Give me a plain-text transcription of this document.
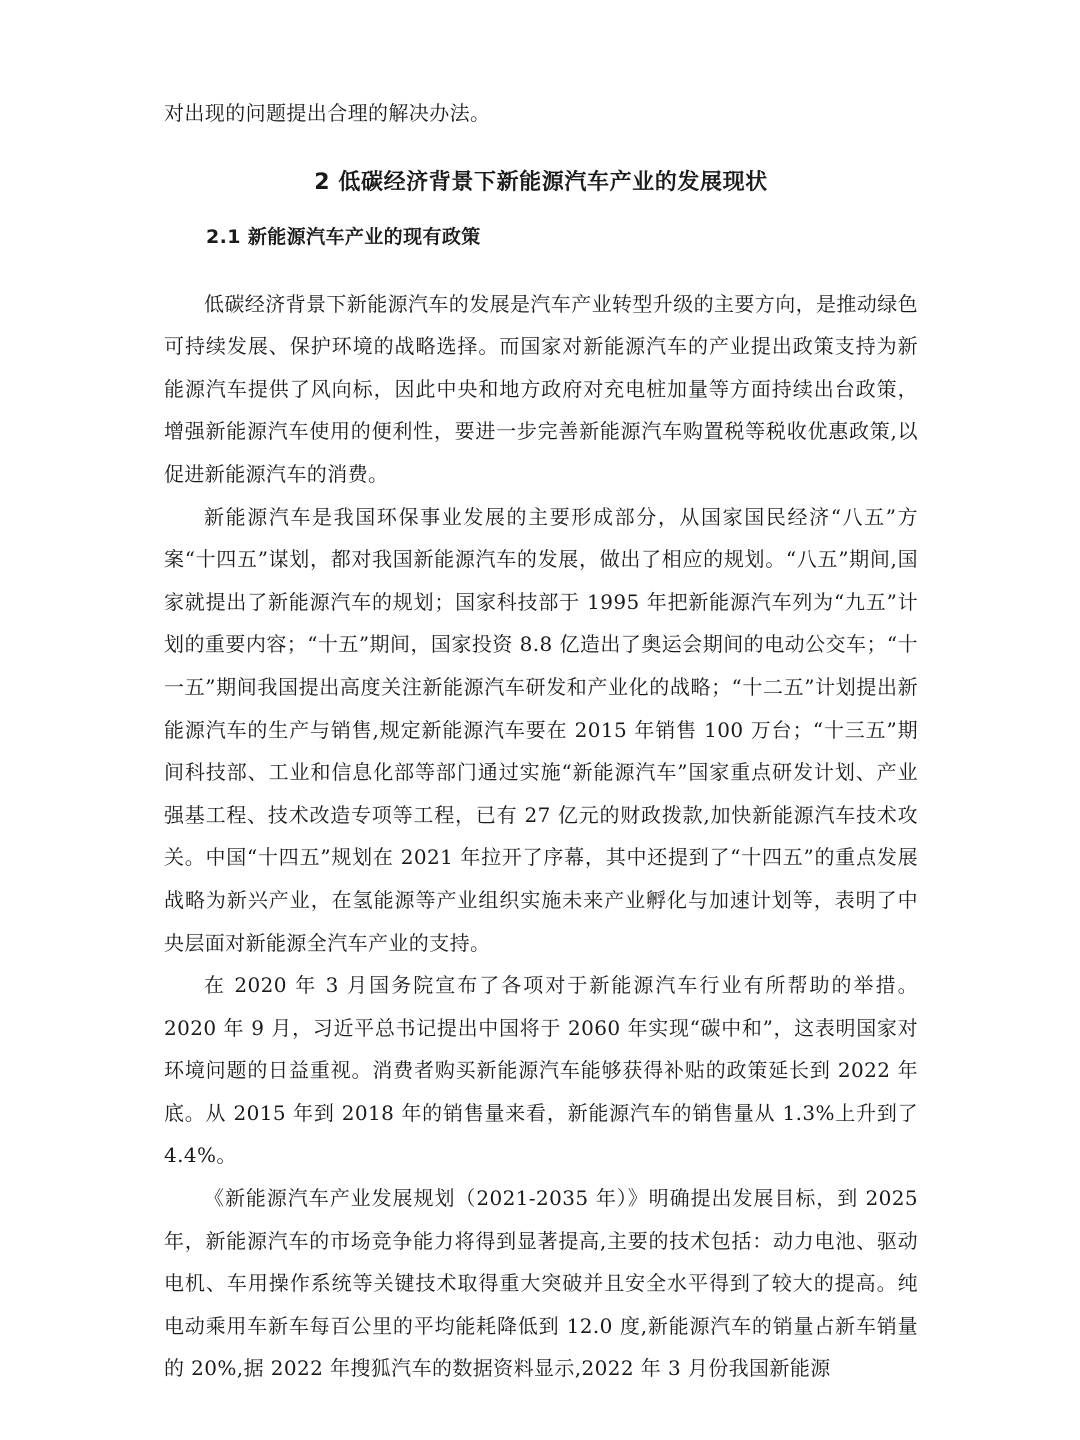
对出现的问题提出合理的解决办法。

2 低碳经济背景下新能源汽车产业的发展现状
2.1 新能源汽车产业的现有政策

低碳经济背景下新能源汽车的发展是汽车产业转型升级的主要方向，是推动绿色可持续发展、保护环境的战略选择。而国家对新能源汽车的产业提出政策支持为新能源汽车提供了风向标，因此中央和地方政府对充电桩加量等方面持续出台政策，增强新能源汽车使用的便利性，要进一步完善新能源汽车购置税等税收优惠政策,以促进新能源汽车的消费。

新能源汽车是我国环保事业发展的主要形成部分，从国家国民经济“八五”方案“十四五”谋划，都对我国新能源汽车的发展，做出了相应的规划。“八五”期间,国家就提出了新能源汽车的规划；国家科技部于 1995 年把新能源汽车列为“九五”计划的重要内容；“十五”期间，国家投资 8.8 亿造出了奥运会期间的电动公交车；“十一五”期间我国提出高度关注新能源汽车研发和产业化的战略；“十二五”计划提出新能源汽车的生产与销售,规定新能源汽车要在 2015 年销售 100 万台；“十三五”期间科技部、工业和信息化部等部门通过实施“新能源汽车”国家重点研发计划、产业强基工程、技术改造专项等工程，已有 27 亿元的财政拨款,加快新能源汽车技术攻关。中国“十四五”规划在 2021 年拉开了序幕，其中还提到了“十四五”的重点发展战略为新兴产业，在氢能源等产业组织实施未来产业孵化与加速计划等，表明了中央层面对新能源全汽车产业的支持。

在 2020 年 3 月国务院宣布了各项对于新能源汽车行业有所帮助的举措。2020 年 9 月，习近平总书记提出中国将于 2060 年实现“碳中和”，这表明国家对环境问题的日益重视。消费者购买新能源汽车能够获得补贴的政策延长到 2022 年底。从 2015 年到 2018 年的销售量来看，新能源汽车的销售量从 1.3%上升到了 4.4%。

《新能源汽车产业发展规划（2021-2035 年）》明确提出发展目标，到 2025 年，新能源汽车的市场竞争能力将得到显著提高,主要的技术包括：动力电池、驱动电机、车用操作系统等关键技术取得重大突破并且安全水平得到了较大的提高。纯电动乘用车新车每百公里的平均能耗降低到 12.0 度,新能源汽车的销量占新车销量的 20%,据 2022 年搜狐汽车的数据资料显示,2022 年 3 月份我国新能源
